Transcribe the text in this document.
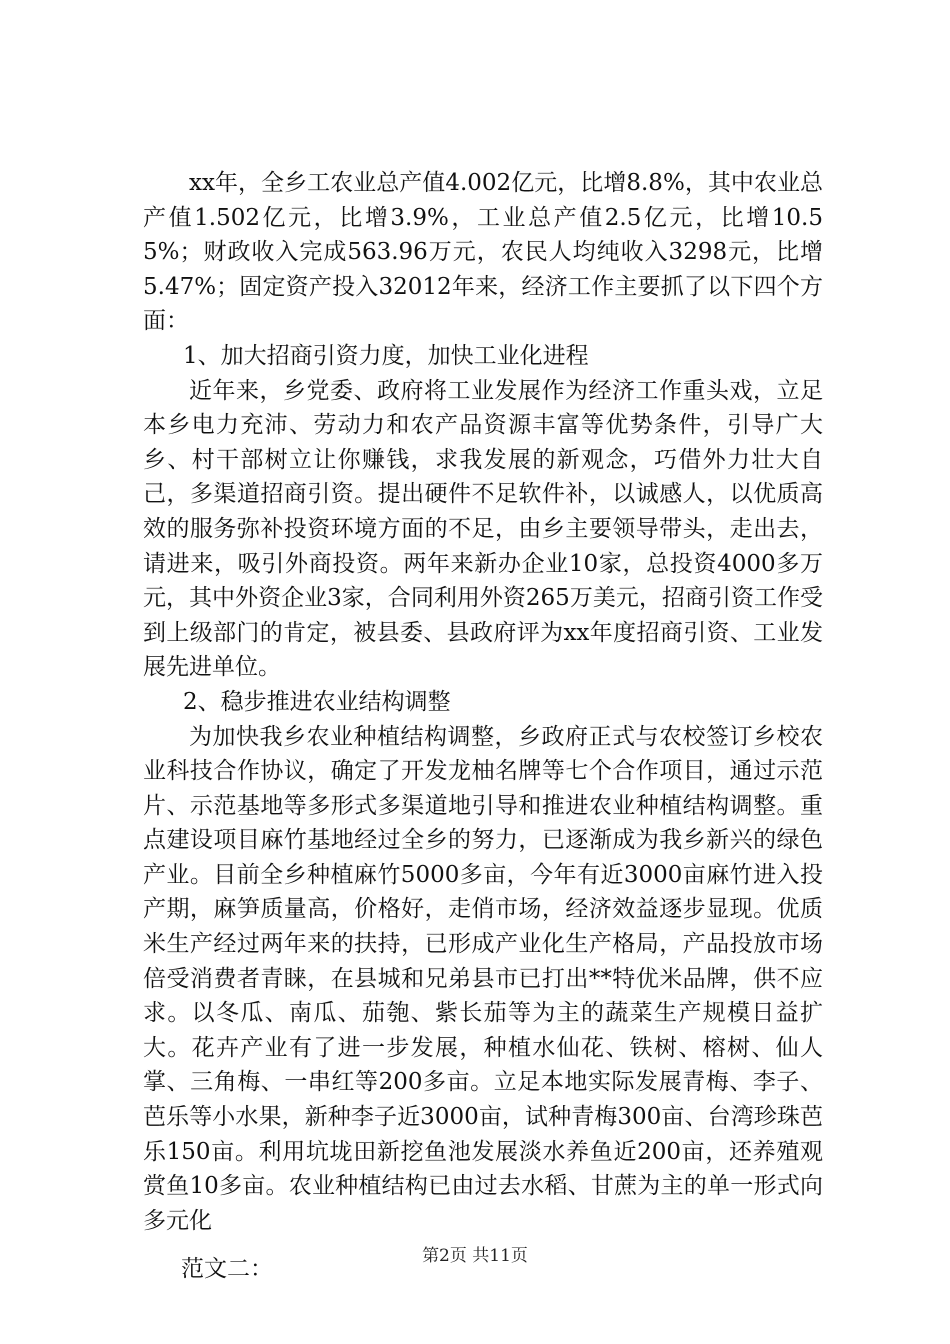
xx年，全乡工农业总产值4.002亿元，比增8.8%，其中农业总产值1.502亿元，比增3.9%，工业总产值2.5亿元，比增10.55%；财政收入完成563.96万元，农民人均纯收入3298元，比增5.47%；固定资产投入32012年来，经济工作主要抓了以下四个方面：

1、加大招商引资力度，加快工业化进程

近年来，乡党委、政府将工业发展作为经济工作重头戏，立足本乡电力充沛、劳动力和农产品资源丰富等优势条件，引导广大乡、村干部树立让你赚钱，求我发展的新观念，巧借外力壮大自己，多渠道招商引资。提出硬件不足软件补，以诚感人，以优质高效的服务弥补投资环境方面的不足，由乡主要领导带头，走出去，请进来，吸引外商投资。两年来新办企业10家，总投资4000多万元，其中外资企业3家，合同利用外资265万美元，招商引资工作受到上级部门的肯定，被县委、县政府评为xx年度招商引资、工业发展先进单位。

2、稳步推进农业结构调整

为加快我乡农业种植结构调整，乡政府正式与农校签订乡校农业科技合作协议，确定了开发龙柚名牌等七个合作项目，通过示范片、示范基地等多形式多渠道地引导和推进农业种植结构调整。重点建设项目麻竹基地经过全乡的努力，已逐渐成为我乡新兴的绿色产业。目前全乡种植麻竹5000多亩，今年有近3000亩麻竹进入投产期，麻笋质量高，价格好，走俏市场，经济效益逐步显现。优质米生产经过两年来的扶持，已形成产业化生产格局，产品投放市场倍受消费者青睐，在县城和兄弟县市已打出**特优米品牌，供不应求。以冬瓜、南瓜、茄匏、紫长茄等为主的蔬菜生产规模日益扩大。花卉产业有了进一步发展，种植水仙花、铁树、榕树、仙人掌、三角梅、一串红等200多亩。立足本地实际发展青梅、李子、芭乐等小水果，新种李子近3000亩，试种青梅300亩、台湾珍珠芭乐150亩。利用坑垅田新挖鱼池发展淡水养鱼近200亩，还养殖观赏鱼10多亩。农业种植结构已由过去水稻、甘蔗为主的单一形式向多元化

范文二：

第2页 共11页
